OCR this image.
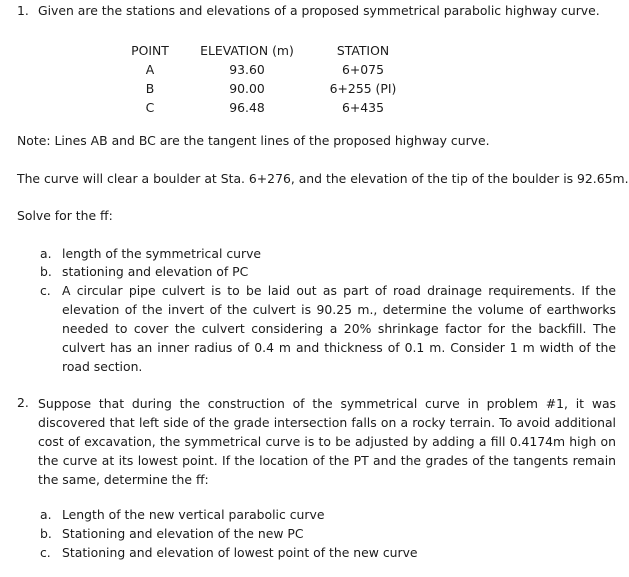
1. Given are the stations and elevations of a proposed symmetrical parabolic highway curve.
POINT	ELEVATION (m)	STATION
A	93.60	6+075
B	90.00	6+255 (PI)
C	96.48	6+435
Note: Lines AB and BC are the tangent lines of the proposed highway curve.
The curve will clear a boulder at Sta. 6+276, and the elevation of the tip of the boulder is 92.65m.
Solve for the ff:
a. length of the symmetrical curve
b. stationing and elevation of PC
c. A circular pipe culvert is to be laid out as part of road drainage requirements. If the elevation of the invert of the culvert is 90.25 m., determine the volume of earthworks needed to cover the culvert considering a 20% shrinkage factor for the backfill. The culvert has an inner radius of 0.4 m and thickness of 0.1 m. Consider 1 m width of the road section.
2. Suppose that during the construction of the symmetrical curve in problem #1, it was discovered that left side of the grade intersection falls on a rocky terrain. To avoid additional cost of excavation, the symmetrical curve is to be adjusted by adding a fill 0.4174m high on the curve at its lowest point. If the location of the PT and the grades of the tangents remain the same, determine the ff:
a. Length of the new vertical parabolic curve
b. Stationing and elevation of the new PC
c. Stationing and elevation of lowest point of the new curve
